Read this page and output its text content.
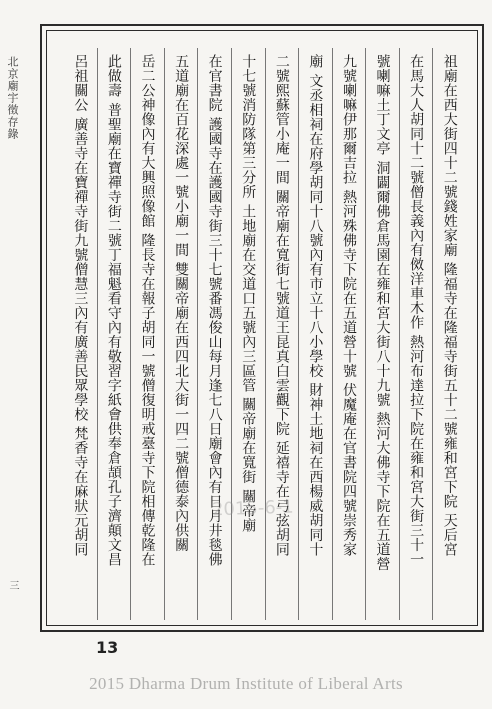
北京廟宇徵存錄
三
祖廟在西大街四十二號錢姓家廟 隆福寺在隆福寺街五十二號雍和宮下院 天后宮
在馬大人胡同十二號僧長義內有傚洋車木作 熱河布達拉下院在雍和宮大街三十一
號喇嘛土丁文亭 洞闢爾佛倉馬園在雍和宮大街八十九號 熱河大佛寺下院在五道營
九號喇嘛伊那爾吉拉 熱河殊佛寺下院在五道營十號 伏魔庵在官書院四號崇秀家
廟 文丞相祠在府學胡同十八號內有市立十八小學校 財神土地祠在西楊威胡同十
二號熙蘇管小庵一間 關帝廟在寬街七號道王昆真白雲觀下院 延禧寺在弓弦胡同
十七號消防隊第三分所 土地廟在交道口五號內三區管 關帝廟在寬街 關帝廟
在官書院 護國寺在護國寺街三十七號番馮俊山每月逢七八日廟會內有日月井毯佛
五道廟在百花深處一號小廟一間 雙關帝廟在西四北大街一四二號僧德泰內供關
岳二公神像內有大興照像館 隆長寺在報子胡同一號僧復明戒臺寺下院相傳乾隆在
此做壽 普聖廟在寶禪寺街二號丁福魁看守內有敬習字紙會供奉倉頡孔子濟顛文昌
呂祖關公 廣善寺在寶禪寺街九號僧慧三內有廣善民眾學校 梵香寺在麻狀元胡同	2015-6-1
13
2015 Dharma Drum Institute of Liberal Arts
